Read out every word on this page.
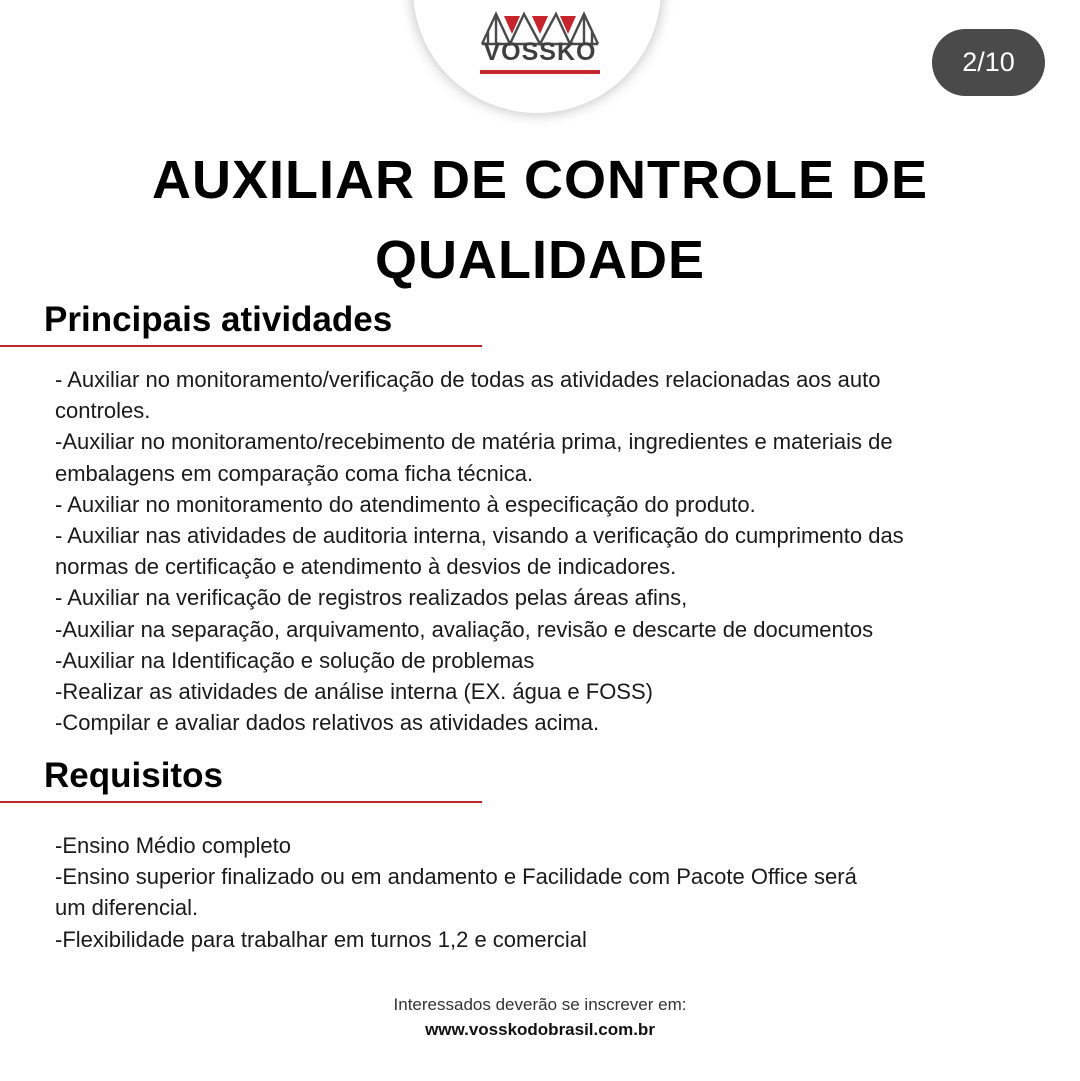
VOSSKO	2/10
AUXILIAR DE CONTROLE DE QUALIDADE
Principais atividades
- Auxiliar no monitoramento/verificação de todas as atividades relacionadas aos auto
controles.
-Auxiliar no monitoramento/recebimento de matéria prima, ingredientes e materiais de
embalagens em comparação coma ficha técnica.
- Auxiliar no monitoramento do atendimento à especificação do produto.
- Auxiliar nas atividades de auditoria interna, visando a verificação do cumprimento das
normas de certificação e atendimento à desvios de indicadores.
- Auxiliar na verificação de registros realizados pelas áreas afins,
-Auxiliar na separação, arquivamento, avaliação, revisão e descarte de documentos
-Auxiliar na Identificação e solução de problemas
-Realizar as atividades de análise interna (EX. água e FOSS)
-Compilar e avaliar dados relativos as atividades acima.
Requisitos
-Ensino Médio completo
-Ensino superior finalizado ou em andamento e Facilidade com Pacote Office será
um diferencial.
-Flexibilidade para trabalhar em turnos 1,2 e comercial
Interessados deverão se inscrever em:
www.vosskodobrasil.com.br
